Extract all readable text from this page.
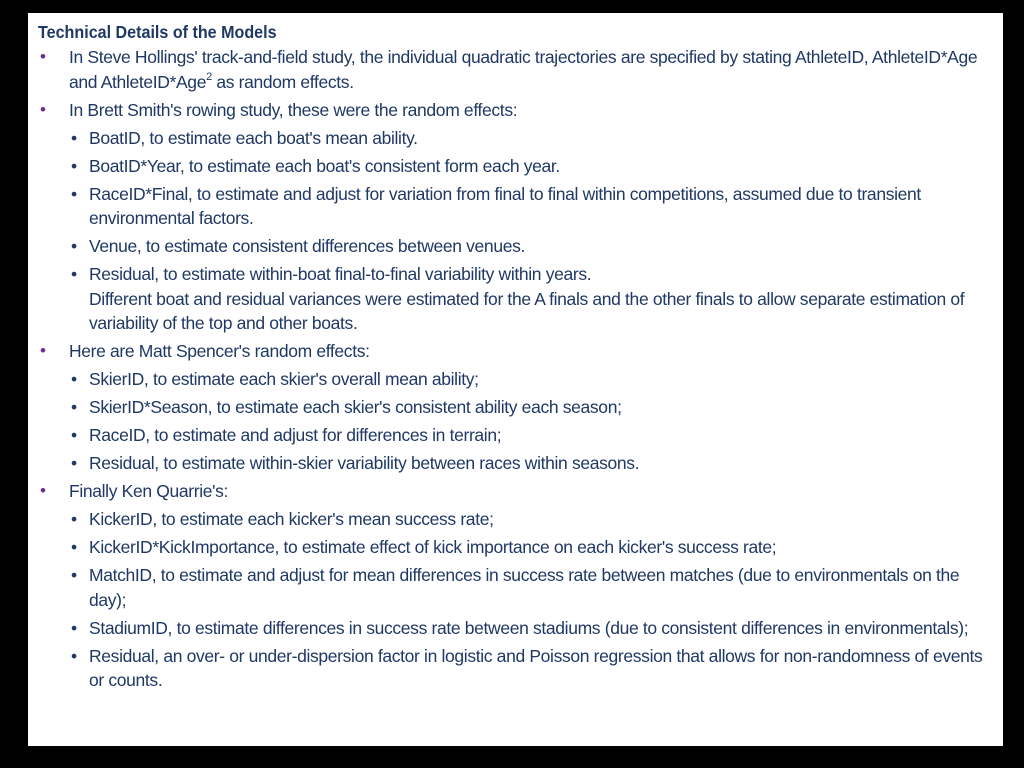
Technical Details of the Models
• In Steve Hollings' track-and-field study, the individual quadratic trajectories are specified by stating AthleteID, AthleteID*Age and AthleteID*Age$^2$ as random effects.
• In Brett Smith's rowing study, these were the random effects:
• BoatID, to estimate each boat's mean ability.
• BoatID*Year, to estimate each boat's consistent form each year.
• RaceID*Final, to estimate and adjust for variation from final to final within competitions, assumed due to transient environmental factors.
• Venue, to estimate consistent differences between venues.
• Residual, to estimate within-boat final-to-final variability within years.
Different boat and residual variances were estimated for the A finals and the other finals to allow separate estimation of variability of the top and other boats.
• Here are Matt Spencer's random effects:
• SkierID, to estimate each skier's overall mean ability;
• SkierID*Season, to estimate each skier's consistent ability each season;
• RaceID, to estimate and adjust for differences in terrain;
• Residual, to estimate within-skier variability between races within seasons.
• Finally Ken Quarrie's:
• KickerID, to estimate each kicker's mean success rate;
• KickerID*KickImportance, to estimate effect of kick importance on each kicker's success rate;
• MatchID, to estimate and adjust for mean differences in success rate between matches (due to environmentals on the day);
• StadiumID, to estimate differences in success rate between stadiums (due to consistent differences in environmentals);
• Residual, an over- or under-dispersion factor in logistic and Poisson regression that allows for non-randomness of events or counts.
